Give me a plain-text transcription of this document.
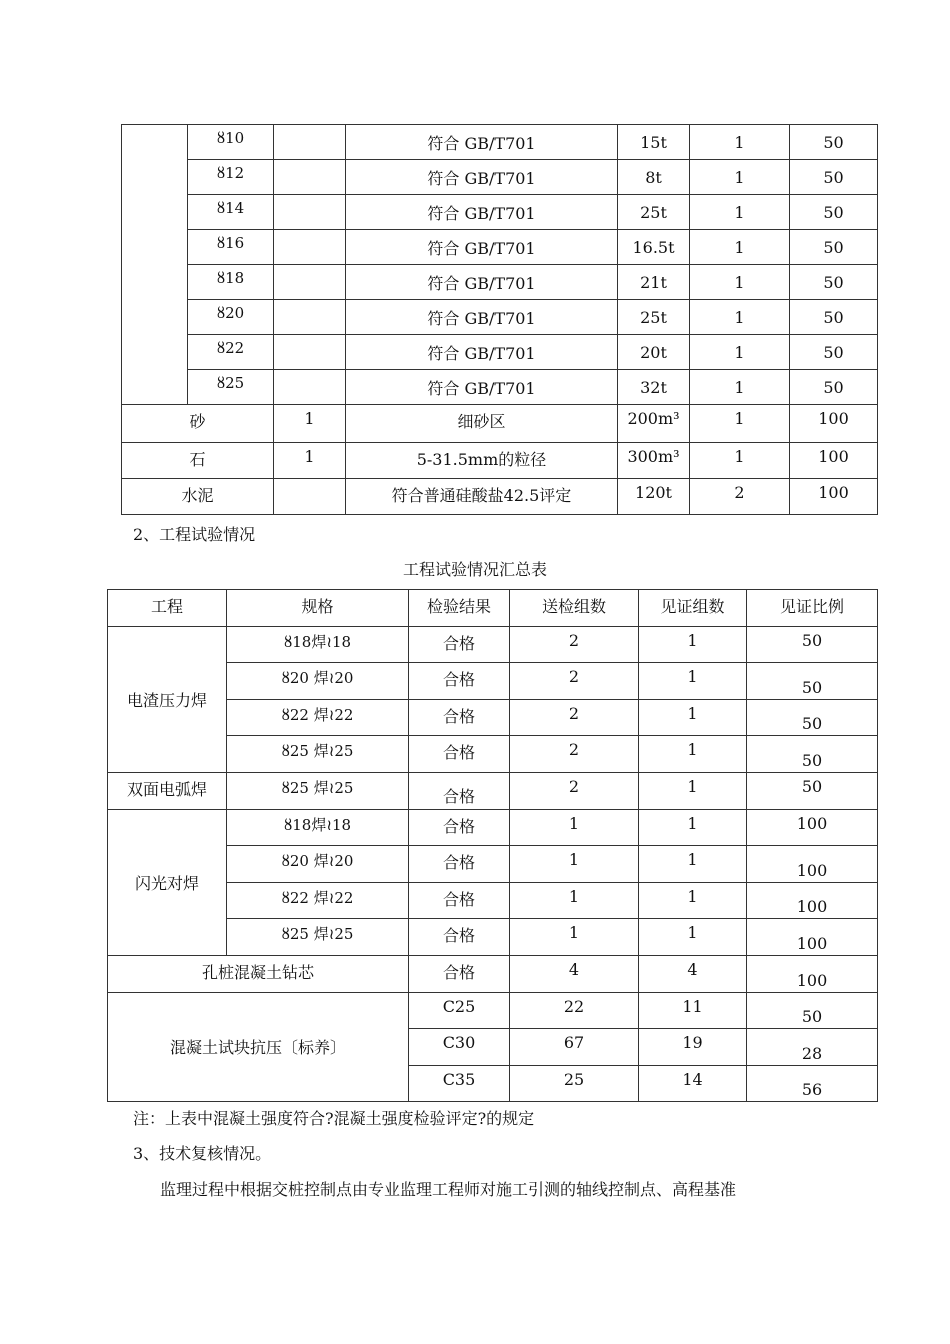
	ȣ10		符合 GB/T701	15t	1	50
	ȣ12		符合 GB/T701	8t	1	50
	ȣ14		符合 GB/T701	25t	1	50
	ȣ16		符合 GB/T701	16.5t	1	50
	ȣ18		符合 GB/T701	21t	1	50
	ȣ20		符合 GB/T701	25t	1	50
	ȣ22		符合 GB/T701	20t	1	50
	ȣ25		符合 GB/T701	32t	1	50
砂		1	细砂区	200m³	1	100
石		1	5-31.5mm的粒径	300m³	1	100
水泥			符合普通硅酸盐42.5评定	120t	2	100
2、工程试验情况
工程试验情况汇总表
工程	规格	检验结果	送检组数	见证组数	见证比例
电渣压力焊	ȣ18焊≀18	合格	2	1	50
	ȣ20 焊≀20	合格	2	1	50
	ȣ22 焊≀22	合格	2	1	50
	ȣ25 焊≀25	合格	2	1	50
双面电弧焊	ȣ25 焊≀25	合格	2	1	50
闪光对焊	ȣ18焊≀18	合格	1	1	100
	ȣ20 焊≀20	合格	1	1	100
	ȣ22 焊≀22	合格	1	1	100
	ȣ25 焊≀25	合格	1	1	100
孔桩混凝土钻芯		合格	4	4	100
混凝土试块抗压〔标养〕		C25	22	11	50
		C30	67	19	28
		C35	25	14	56
注：上表中混凝土强度符合?混凝土强度检验评定?的规定
3、技术复核情况。
监理过程中根据交桩控制点由专业监理工程师对施工引测的轴线控制点、高程基准
